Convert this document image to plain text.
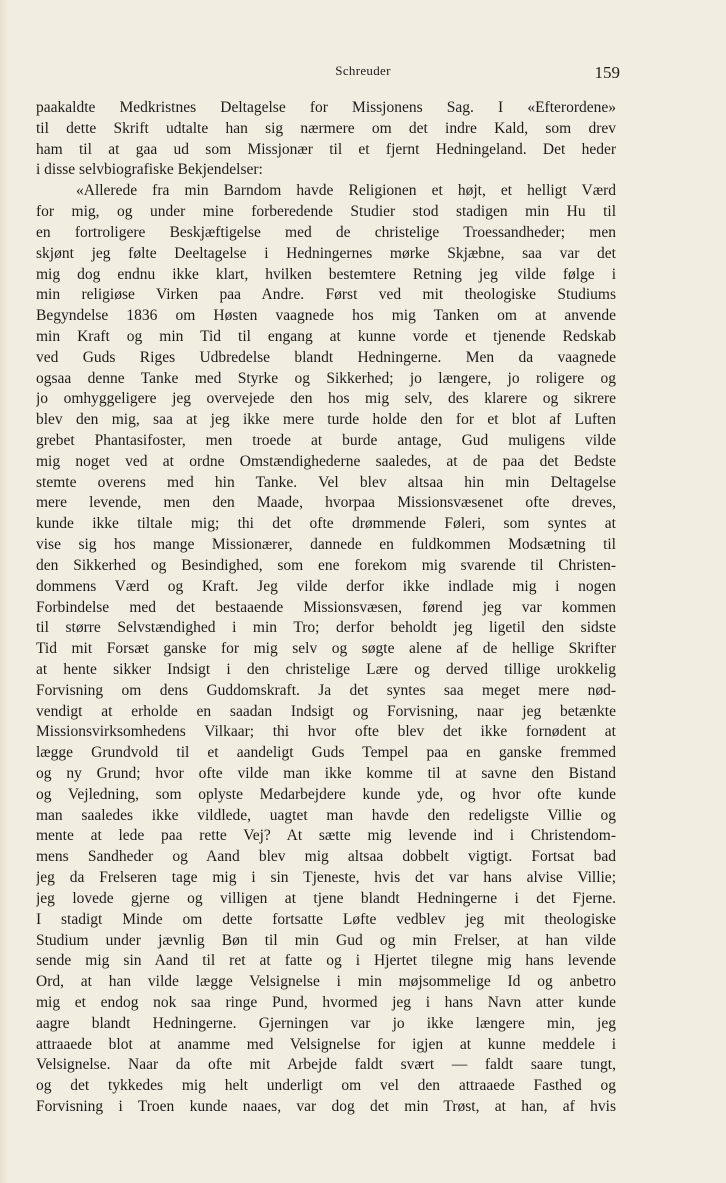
Schreuder	159
paakaldte Medkristnes Deltagelse for Missjonens Sag. I «Efterordene»
til dette Skrift udtalte han sig nærmere om det indre Kald, som drev
ham til at gaa ud som Missjonær til et fjernt Hedningeland. Det heder
i disse selvbiografiske Bekjendelser:
«Allerede fra min Barndom havde Religionen et højt, et helligt Værd
for mig, og under mine forberedende Studier stod stadigen min Hu til
en fortroligere Beskjæftigelse med de christelige Troessandheder; men
skjønt jeg følte Deeltagelse i Hedningernes mørke Skjæbne, saa var det
mig dog endnu ikke klart, hvilken bestemtere Retning jeg vilde følge i
min religiøse Virken paa Andre. Først ved mit theologiske Studiums
Begyndelse 1836 om Høsten vaagnede hos mig Tanken om at anvende
min Kraft og min Tid til engang at kunne vorde et tjenende Redskab
ved Guds Riges Udbredelse blandt Hedningerne. Men da vaagnede
ogsaa denne Tanke med Styrke og Sikkerhed; jo længere, jo roligere og
jo omhyggeligere jeg overvejede den hos mig selv, des klarere og sikrere
blev den mig, saa at jeg ikke mere turde holde den for et blot af Luften
grebet Phantasifoster, men troede at burde antage, Gud muligens vilde
mig noget ved at ordne Omstændighederne saaledes, at de paa det Bedste
stemte overens med hin Tanke. Vel blev altsaa hin min Deltagelse
mere levende, men den Maade, hvorpaa Missionsvæsenet ofte dreves,
kunde ikke tiltale mig; thi det ofte drømmende Føleri, som syntes at
vise sig hos mange Missionærer, dannede en fuldkommen Modsætning til
den Sikkerhed og Besindighed, som ene forekom mig svarende til Christen-
dommens Værd og Kraft. Jeg vilde derfor ikke indlade mig i nogen
Forbindelse med det bestaaende Missionsvæsen, førend jeg var kommen
til større Selvstændighed i min Tro; derfor beholdt jeg ligetil den sidste
Tid mit Forsæt ganske for mig selv og søgte alene af de hellige Skrifter
at hente sikker Indsigt i den christelige Lære og derved tillige urokkelig
Forvisning om dens Guddomskraft. Ja det syntes saa meget mere nød-
vendigt at erholde en saadan Indsigt og Forvisning, naar jeg betænkte
Missionsvirksomhedens Vilkaar; thi hvor ofte blev det ikke fornødent at
lægge Grundvold til et aandeligt Guds Tempel paa en ganske fremmed
og ny Grund; hvor ofte vilde man ikke komme til at savne den Bistand
og Vejledning, som oplyste Medarbejdere kunde yde, og hvor ofte kunde
man saaledes ikke vildlede, uagtet man havde den redeligste Villie og
mente at lede paa rette Vej? At sætte mig levende ind i Christendom-
mens Sandheder og Aand blev mig altsaa dobbelt vigtigt. Fortsat bad
jeg da Frelseren tage mig i sin Tjeneste, hvis det var hans alvise Villie;
jeg lovede gjerne og villigen at tjene blandt Hedningerne i det Fjerne.
I stadigt Minde om dette fortsatte Løfte vedblev jeg mit theologiske
Studium under jævnlig Bøn til min Gud og min Frelser, at han vilde
sende mig sin Aand til ret at fatte og i Hjertet tilegne mig hans levende
Ord, at han vilde lægge Velsignelse i min møjsommelige Id og anbetro
mig et endog nok saa ringe Pund, hvormed jeg i hans Navn atter kunde
aagre blandt Hedningerne. Gjerningen var jo ikke længere min, jeg
attraaede blot at anamme med Velsignelse for igjen at kunne meddele i
Velsignelse. Naar da ofte mit Arbejde faldt svært — faldt saare tungt,
og det tykkedes mig helt underligt om vel den attraaede Fasthed og
Forvisning i Troen kunde naaes, var dog det min Trøst, at han, af hvis
